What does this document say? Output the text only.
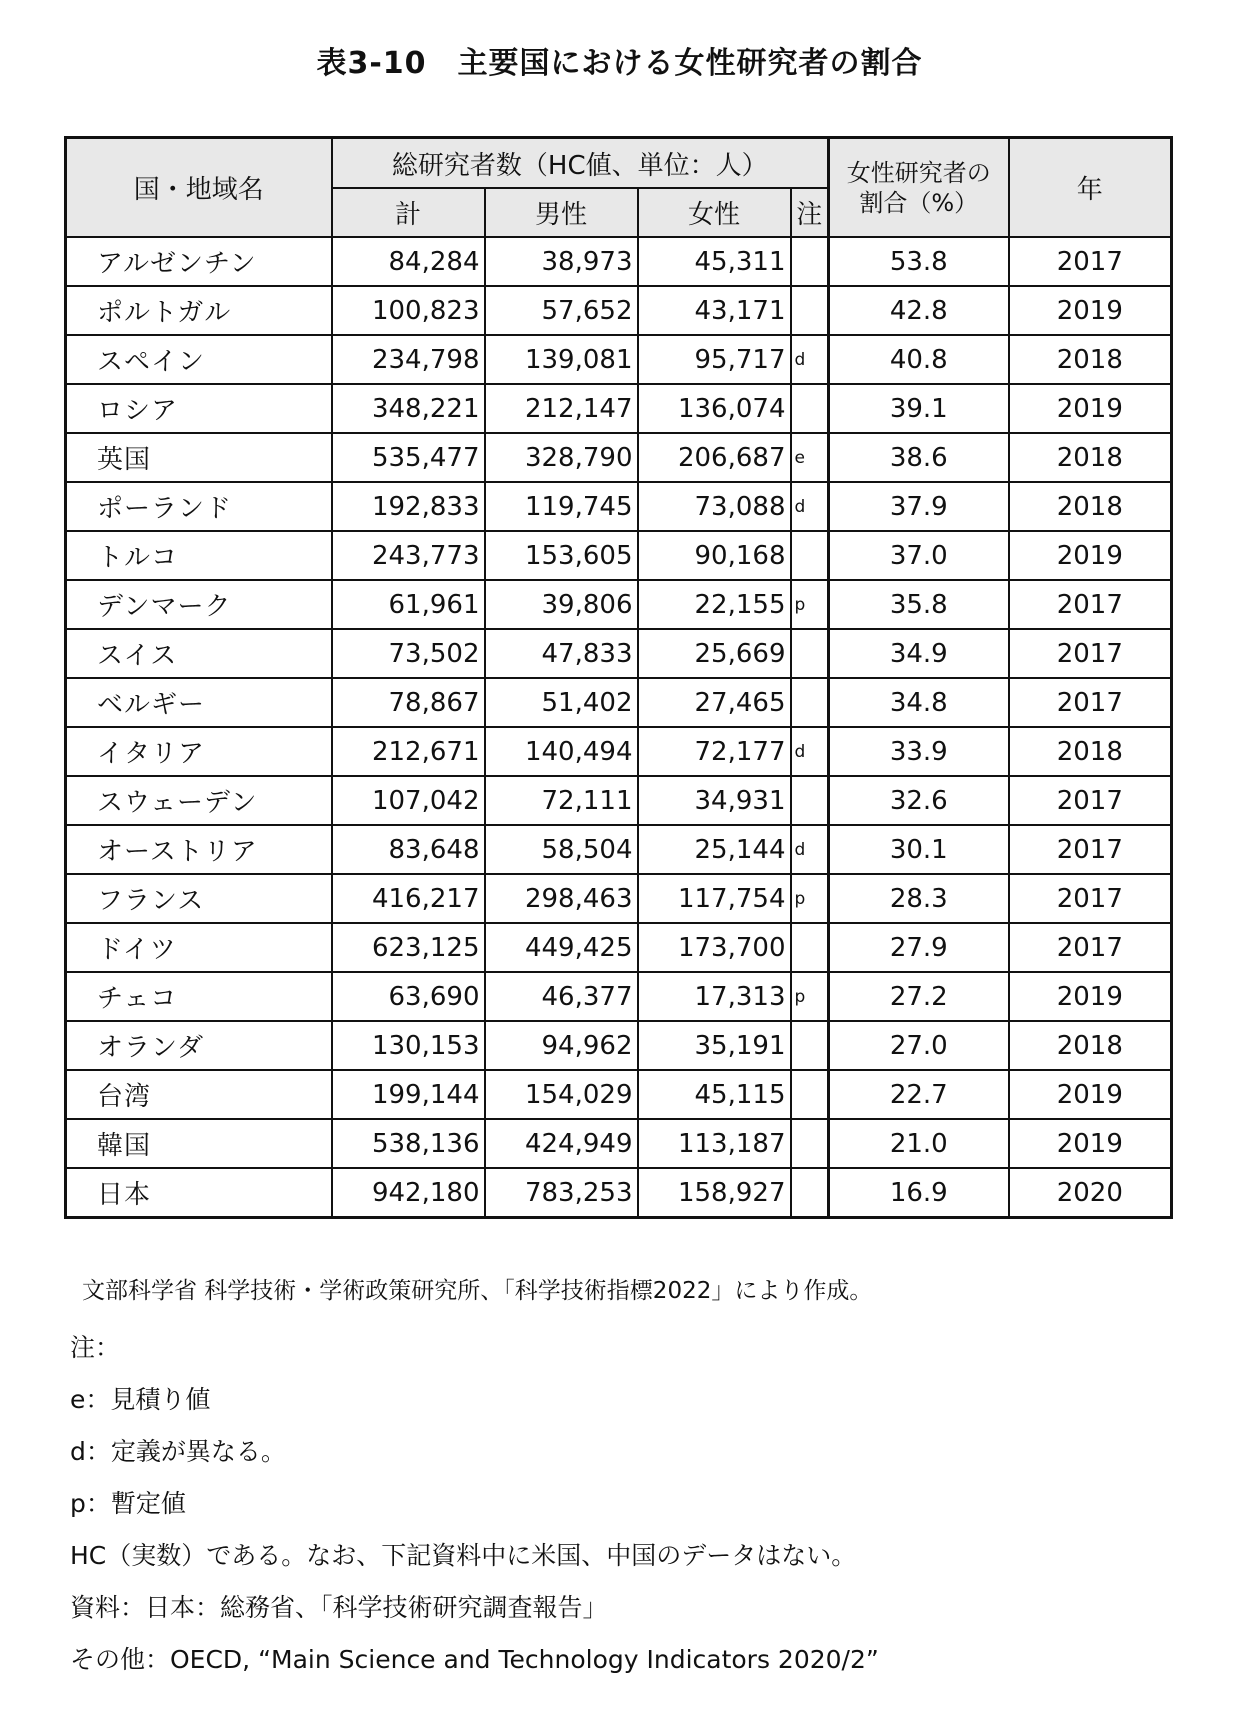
表3-10　主要国における女性研究者の割合
国・地域名	総研究者数（HC値、単位：人）				女性研究者の
割合（%）	年
	計	男性	女性	注		
アルゼンチン	84,284	38,973	45,311		53.8	2017
ポルトガル	100,823	57,652	43,171		42.8	2019
スペイン	234,798	139,081	95,717	d	40.8	2018
ロシア	348,221	212,147	136,074		39.1	2019
英国	535,477	328,790	206,687	e	38.6	2018
ポーランド	192,833	119,745	73,088	d	37.9	2018
トルコ	243,773	153,605	90,168		37.0	2019
デンマーク	61,961	39,806	22,155	p	35.8	2017
スイス	73,502	47,833	25,669		34.9	2017
ベルギー	78,867	51,402	27,465		34.8	2017
イタリア	212,671	140,494	72,177	d	33.9	2018
スウェーデン	107,042	72,111	34,931		32.6	2017
オーストリア	83,648	58,504	25,144	d	30.1	2017
フランス	416,217	298,463	117,754	p	28.3	2017
ドイツ	623,125	449,425	173,700		27.9	2017
チェコ	63,690	46,377	17,313	p	27.2	2019
オランダ	130,153	94,962	35,191		27.0	2018
台湾	199,144	154,029	45,115		22.7	2019
韓国	538,136	424,949	113,187		21.0	2019
日本	942,180	783,253	158,927		16.9	2020
文部科学省 科学技術・学術政策研究所、「科学技術指標2022」により作成。
注：
e：見積り値
d：定義が異なる。
p：暫定値
HC（実数）である。なお、下記資料中に米国、中国のデータはない。
資料：日本：総務省、「科学技術研究調査報告」
その他：OECD, “Main Science and Technology Indicators 2020/2”
